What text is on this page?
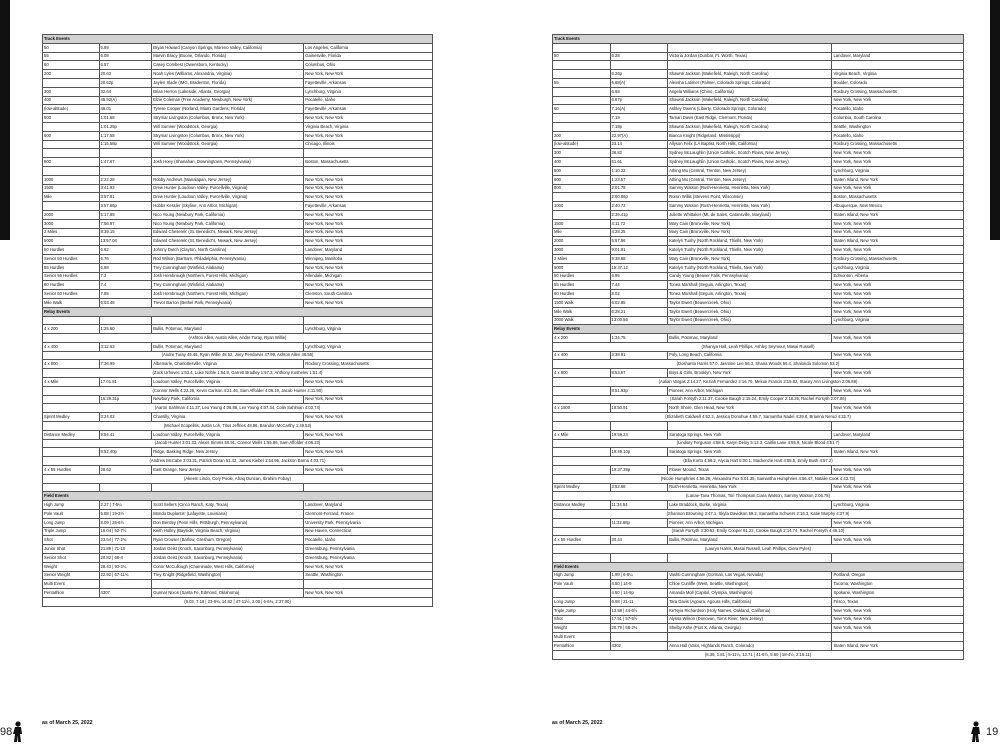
Track Events			
50	5.69	Bryan Howard (Canyon Springs, Moreno Valley, California)	Los Angeles, California
55	6.08	Marvin Bracy (Boone, Orlando, Florida)	Gainesville, Florida
60	6.57	Casey Combest (Owensboro, Kentucky)	Columbus, Ohio
200	20.63	Noah Lyles (Williams, Alexandria, Virginia)	New York, New York
	20.62p	Jaylen Slade (IMG, Bradenton, Florida)	Fayetteville, Arkansas
300	32.64	Brian Herron (Lakeside, Atlanta, Georgia)	Lynchburg, Virginia
400	45.92(A)	Elzie Coleman (Free Academy, Newburgh, New York)	Pocatello, Idaho
(low-altitude)	46.01	Tyrese Cooper (Norland, Miami Gardens, Florida)	Fayetteville, Arkansas
500	1:01.68	Strymar Livingston (Columbus, Bronx, New York)	New York, New York
	1:01.25p	Will Sumner (Woodstock, Georgia)	Virginia Beach, Virginia
600	1:17.58	Strymar Livingston (Columbus, Bronx, New York)	New York, New York
	1:15.58p	Will Sumner (Woodstock, Georgia)	Chicago, Illinois

800	1:47.67	Josh Hoey (Shanahan, Downingtown, Pennsylvania)	Boston, Massachusetts

1000	2:22.28	Robby Andrews (Manalapan, New Jersey)	New York, New York
1500	3:41.93	Drew Hunter (Loudoun Valley, Purcellville, Virginia)	New York, New York
Mile	3:57.81	Drew Hunter (Loudoun Valley, Purcellville, Virginia)	New York, New York
	3:57.66p	Hobbs Kessler (Skyline, Ann Arbor, Michigan)	Fayetteville, Arkansas
2000	5:17.89	Nico Young (Newbury Park, California)	New York, New York
3000	7:56.97	Nico Young (Newbury Park, California)	New York, New York
2 Miles	8:39.15	Edward Cheserek' (St. Benedict's, Newark, New Jersey)	New York, New York
5000	13:57.04	Edward Cheserek' (St. Benedict's, Newark, New Jersey)	New York, New York
50 Hurdles	6.62	Johnny Dutch (Clayton, North Carolina)	Landover, Maryland
Senior 50 Hurdles	6.76	Rod Wilson (Bartram, Philadelphia, Pennsylvania)	Winnipeg, Manitoba
55 Hurdles	6.88	Trey Cunningham (Winfield, Alabama)	New York, New York
Senior 55 Hurdles	7.3	Josh Hembrough (Northern, Forest Hills, Michigan)	Allendale, Michigan
60 Hurdles	7.4	Trey Cunningham (Winfield, Alabama)	New York, New York
Senior 60 Hurdles	7.85	Josh Hembrough (Northern, Forest Hills, Michigan)	Clemson, South Carolina
Mile Walk	6:03.48	Trevor Barron (Bethel Park, Pennsylvania)	New York, New York
Relay Events			

4 x 200	1:25.60	Bullis, Potomac, Maryland	Lynchburg, Virginia
(Ashton Allen, Austin Allen, Andre Turay, Ryan Willie)			
4 x 400	3:12.53	Bullis, Potomac, Maryland	Lynchburg, Virginia
(Andre Turay 49.46, Ryan Willie 48.52, Joey Pendarvis 47.99, Ashton Allen 46.56)			
4 x 800	7:36.99	Albemarle, Charlottesville, Virginia	Roxbury Crossing, Massachusetts
(Zack Urhovec 1:53.4, Luke Noble 1:54.9, Garrett Bradley 1:57.3, Anthony Koshelev 1:51.4)			
4 x Mile	17:01.81	Loudoun Valley, Purcellville, Virginia	New York, New York
(Connor Wells 4:22.26, Kevin Carlson 4:21.46, Sam Affolder 4:06.19, Jacob Hunter 4:11.90)			
	16:29.31p	Newbury Park, California	New York, New York
(Aaron Sahlman 4:11.37, Leo Young 4:06.86, Lex Young 4:07.34, Colin Sahlman 4:03.74)			
Sprint Medley	3:24.02	Chantilly, Virginia	New York, New York
(Michael Scopelitis, Justin Loh, Titus Jeffries 48.86, Brandon McCarthy 1:49.53)			
Distance Medley	9:54.41	Loudoun Valley, Purcellville, Virginia	New York, New York
(Jacob Hunter 3:01.33, Alexis Simms 50.91, Connor Wells 1:55.96, Sam Affolder 4:06.23)			
	9:52.40p	Ridge, Basking Ridge, New Jersey	New York, New York
(Andrew McCabe 3:03.31, Patrick Doran 51.42, James Kiebel 1:54.96, Jackson Barna 4:03.71)			
4 x 55 Hurdles	28.62	East Orange, New Jersey	New York, New York
(Akeem Lindo, Cory Poole, Afraq Duncan, Ibrahim Fobay)			

Field Events			
High Jump	2.27 | 7-5¼	Scott Sellers (Cinco Ranch, Katy, Texas)	Landover, Maryland
Pole Vault	5.88 | 19-3½	Mondo Duplantis' (Lafayette, Louisiana)	Clermont-Ferrand, France
Long Jump	8.09 | 26-6½	Don Bentley (Penn Hills, Pittsburgh, Pennsylvania)	University Park, Pennsylvania
Triple Jump	16.04 | 52-7½	Keith Holley (Bayside, Virginia Beach, Virginia)	New Haven, Connecticut
Shot	23.54 | 77-2¾	Ryan Crouser (Barlow, Gresham, Oregon)	Pocatello, Idaho
Junior Shot	21.89 | 71-10	Jordan Geist (Knoch, Saxonburg, Pennsylvania)	Greensburg, Pennsylvania
Senior Shot	20.82 | 68-4	Jordan Geist (Knoch, Saxonburg, Pennsylvania)	Greensburg, Pennsylvania
Weight	28.43 | 93-3¼	Conor McCullough (Chaminade, West Hills, California)	New York, New York
Senior Weight	22.92 | 67-11¾	Trey Knight (Ridgefield, Washington)	Seattle, Washington
Multi Event			
Pentathlon	4307	Gunnar Nixon (Santa Fe, Edmond, Oklahoma)	New York, New York
(8.03, 7.18 | 23-6¾, 14.62 | 47-11½, 2.00 | 6-6¾, 2:37.00)			
Track Events			

50	6.28	Victoria Jordan (Dunbar, Ft. Worth, Texas)	Landover, Maryland

	6.26p	Shawnti Jackson (Wakefield, Raleigh, North Carolina)	Virginia Beach, Virginia
55	6.68(A)	Alexsha Latimer (Palmer, Colorado Springs, Colorado)	Boulder, Colorado
	6.68	Angela Williams (Chino, California)	Roxbury Crossing, Massachusetts
	6.67p	Shawnti Jackson (Wakefield, Raleigh, North Carolina)	New York, New York
60	7.16(A)	Ashley Owens (Liberty, Colorado Springs, Colorado)	Pocatello, Idaho
	7.19	Tamari Davis (East Ridge, Clermont, Florida)	Columbia, South Carolina
	7.18p	Shawnti Jackson (Wakefield, Raleigh, North Carolina)	Seattle, Washington
200	22.97(A)	Bianca Knight (Ridgeland, Mississippi)	Pocatello, Idaho
(low-altitude)	23.14	Allyson Felix (LA Baptist, North Hills, California)	Roxbury Crossing, Massachusetts
300	36.82	Sydney McLaughlin (Union Catholic, Scotch Plains, New Jersey)	New York, New York
400	51.61	Sydney McLaughlin (Union Catholic, Scotch Plains, New Jersey)	New York, New York
500	1:10.22	Athing Mu (Central, Trenton, New Jersey)	Lynchburg, Virginia
600	1:23.57	Athing Mu (Central, Trenton, New Jersey)	Staten Island, New York
800	2:01.78	Sammy Watson (Rush-Henrietta, Henrietta, New York)	New York, New York
	2:00.06p	Roisin Willis (Stevens Point, Wisconsin)	Boston, Massachusetts
1000	2:40.72	Sammy Watson (Rush-Henrietta, Henrietta, New York)	Albuquerque, New Mexico
	2:39.41p	Juliette Whittaker (Mt. de Sales, Catonsville, Maryland)	Staten Island, New York
1500	4:11.72	Mary Cain (Bronxville, New York)	New York, New York
Mile	4:28.25	Mary Cain (Bronxville, New York)	New York, New York
2000	5:57.56	Katelyn Tuohy (North Rockland, Thiells, New York)	Staten Island, New York
3000	9:01.81	Katelyn Tuohy (North Rockland, Thiells, New York)	New York, New York
2 Miles	9:38.68	Mary Cain (Bronxville, New York)	Roxbury Crossing, Massachusetts
5000	15:37.12	Katelyn Tuohy (North Rockland, Thiells, New York)	Lynchburg, Virginia
50 Hurdles	6.95	Candy Young (Beaver Falls, Pennsylvania)	Edmonton, Alberta
55 Hurdles	7.44	Tonea Marshall (Seguin, Arlington, Texas)	New York, New York
60 Hurdles	8.02	Tonea Marshall (Seguin, Arlington, Texas)	New York, New York
1500 Walk	6:02.85	Taylor Ewert (Beavercreek, Ohio)	New York, New York
Mile Walk	6:28.21	Taylor Ewert (Beavercreek, Ohio)	New York, New York
3000 Walk	13:00.56	Taylor Ewert (Beavercreek, Ohio)	Lynchburg, Virginia
Relay Events			
4 x 200	1:34.75	Bullis, Potomac, Maryland	New York, New York
(Shaniya Hall, Leah Phillips, Ashley Seymour, Masai Russell)			
4 x 400	3:38.91	Poly, Long Beach, California	New York, New York
(Doshanta Harris 57.0, Jasmine Lee 56.3, Shana Woods 56.4, Shalonda Solomon 53.2)			
4 x 800	8:53.67	Boys & Girls, Brooklyn, New York	New York, New York
(Aaliah Vargas 2:14.27, Keziah Fernandez 2:16.70, Mekue Francis 2:15.82, Stacey Ann Livingston 2:06.88)			
	8:51.93p	Pioneer, Ann Arbor, Michigan	New York, New York
(Sarah Forsyth 2:11.37, Cookie Baugh 2:15.24, Emily Cooper 2:18.26, Rachel Forsyth 2:07.06)			
4 x 1500	18:50.91	North Shore, Glen Head, New York	New York, New York
(Elizabeth Caldwell 4:52.2, Jessica Donohue 4:55.7, Samantha Nadel 4:29.8, Brianna Nerud 4:32.7)			

4 x Mile	19:59.24	Saratoga Springs, New York	Landover, Maryland
(Lindsey Ferguson 4:58.6, Karyn Deloy 5:13.3, Caitlin Lane 4:55.9, Nicole Blood 4:51.7)			
	19:49.10p	Saratoga Springs, New York	Staten Island, New York
(Ella Kurto 4:56.2, Alycia Hart 5:00.1, Mackenzie Hart 4:55.5, Emily Bush 4:57.2)			
	19:37.38p	Flower Mound, Texas	New York, New York
(Nicole Humphries 4:56.26, Alexandra Fox 5:01.35, Samantha Humphries 4:56.47, Natalie Cook 4:43.72)			
Sprint Medley	3:52.68	Rush-Henrietta, Henrietta, New York	New York, New York
(Lanae-Tava Thomas, Tori Thompson,Ciara Watson, Sammy Watson 2:06.78)			
Distance Medley	11:34.54	Lake Braddock, Burke, Virginia	Lynchburg, Virginia
(Shannon Browning 3:47.1, Skyla Davidson 59.2, Samantha Schwers 2:16.3, Katie Murphy 4:37.9)			
	11:32.68p	Pioneer, Ann Arbor, Michigan	New York, New York
(Sarah Forsyth 3:30.62, Emily Cooper 61.22, Cookie Baugh 2:14.74, Rachel Forsyth 4:46.10)			
4 x 55 Hurdles	30.44	Bullis, Potomac, Maryland	New York, New York
(Lauryn Harris, Masai Russell, Leah Phillips, Ciera Pyles)			

Field Events			
High Jump	1.99 | 6-6¼	Vashti Cunningham (Gorman, Las Vegas, Nevada)	Portland, Oregon
Pole Vault	4.50 | 14-9	Chloe Cunliffe (West, Seattle, Washington)	Tacoma, Washington
	4.50 | 14-9p	Amanda Moll (Capitol, Olympia, Washington)	Spokane, Washington
Long Jump	6.68 | 21-11	Tara Davis (Agoura, Agoura Hills, California)	Frisco, Texas
Triple Jump	13.58 | 44-6½	Ke'Nyia Richardson (Holy Names, Oakland, California)	New York, New York
Shot	17.51 | 57-5½	Alyssa Wilson (Donovan, Toms River, New Jersey)	New York, New York
Weight	20.79 | 68-2¾	Shelby Ashe (Pius X, Atlanta, Georgia)	New York, New York
Multi Event			
Pentathlon	4302	Anna Hall (Valor, Highlands Ranch, Colorado)	Staten Island, New York
(8.39, 1.81 | 5-11¼, 12.71 | 41-8½, 5.60 | 18-4½, 2:16.11)			
as of March 25, 2022	as of March 25, 2022
98	19
